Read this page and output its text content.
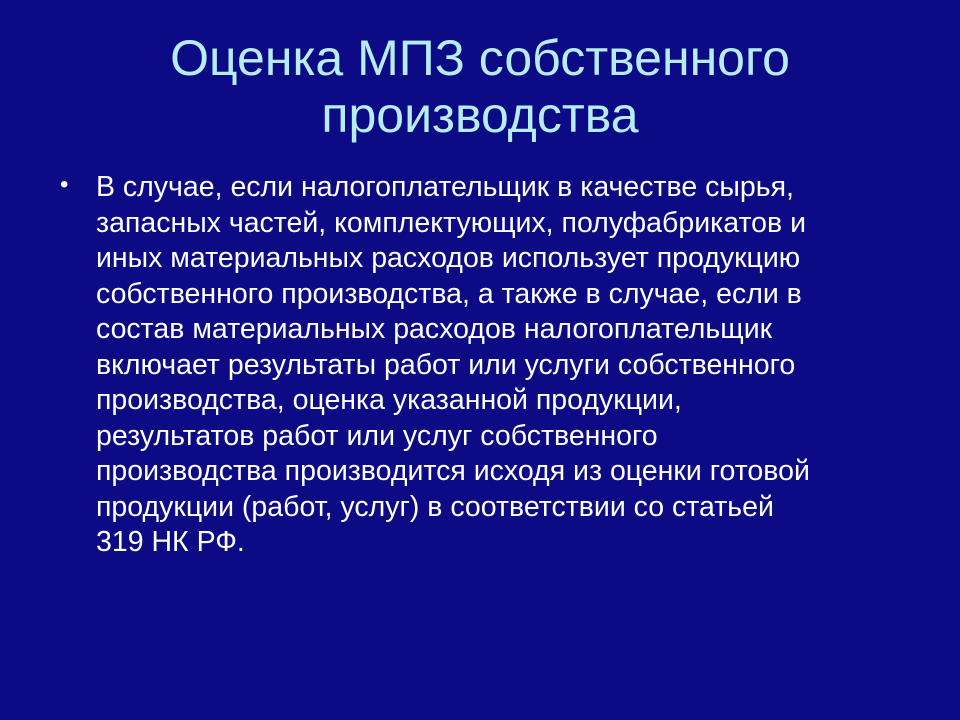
Оценка МПЗ собственного
производства
• В случае, если налогоплательщик в качестве сырья,
запасных частей, комплектующих, полуфабрикатов и
иных материальных расходов использует продукцию
собственного производства, а также в случае, если в
состав материальных расходов налогоплательщик
включает результаты работ или услуги собственного
производства, оценка указанной продукции,
результатов работ или услуг собственного
производства производится исходя из оценки готовой
продукции (работ, услуг) в соответствии со статьей
319 НК РФ.
